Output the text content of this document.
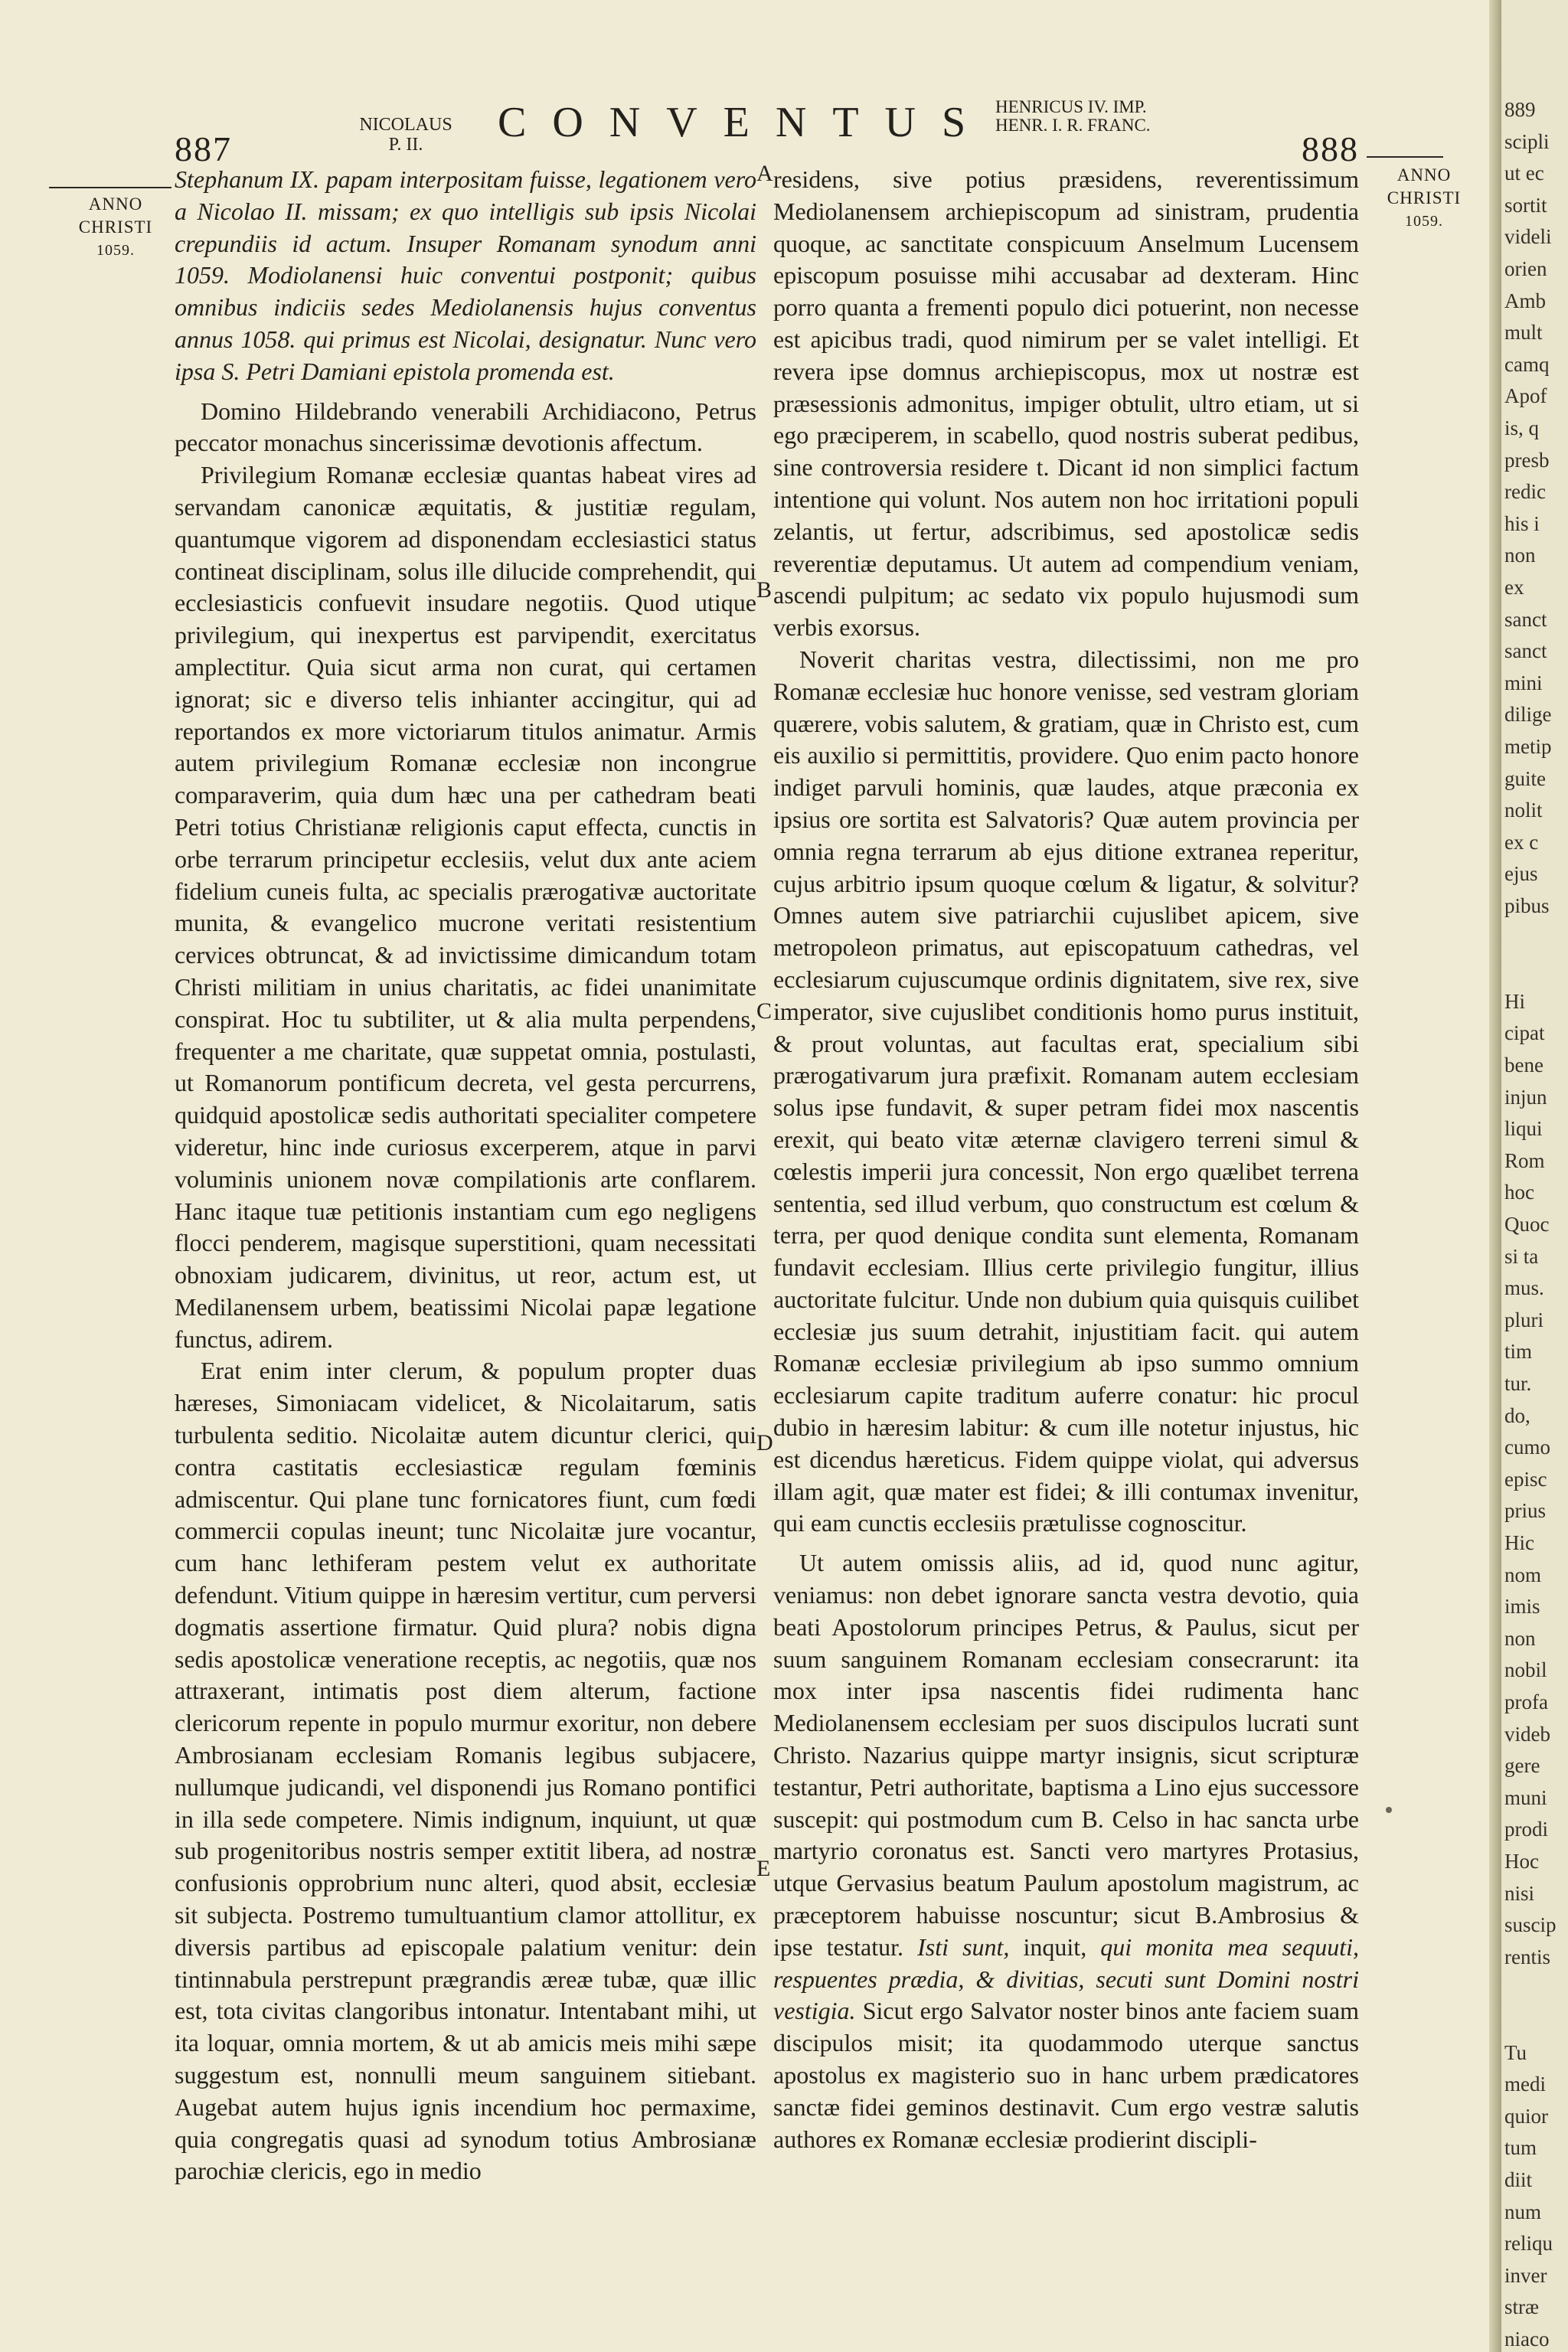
887	888
NICOLAUS
P. II.	CONVENTUS HENRICUS IV. IMP.
HENR. I. R. FRANC.
ANNO
CHRISTI
1059.
ANNO
CHRISTI
1059.

Stephanum IX. papam interpositam fuisse, legationem vero a Nicolao II. missam; ex quo intelligis sub ipsis Nicolai crepundiis id actum. Insuper Romanam synodum anni 1059. Modiolanensi huic conventui postponit; quibus omnibus indiciis sedes Mediolanensis hujus conventus annus 1058. qui primus est Nicolai, designatur. Nunc vero ipsa S. Petri Damiani epistola promenda est.

Domino Hildebrando venerabili Archidiacono, Petrus peccator monachus sincerissimæ devotionis affectum.

Privilegium Romanæ ecclesiæ quantas habeat vires ad servandam canonicæ æquitatis, & justitiæ regulam, quantumque vigorem ad disponendam ecclesiastici status contineat disciplinam, solus ille dilucide comprehendit, qui ecclesiasticis confuevit insudare negotiis. Quod utique privilegium, qui inexpertus est parvipendit, exercitatus amplectitur. Quia sicut arma non curat, qui certamen ignorat; sic e diverso telis inhianter accingitur, qui ad reportandos ex more victoriarum titulos animatur. Armis autem privilegium Romanæ ecclesiæ non incongrue comparaverim, quia dum hæc una per cathedram beati Petri totius Christianæ religionis caput effecta, cunctis in orbe terrarum principetur ecclesiis, velut dux ante aciem fidelium cuneis fulta, ac specialis prærogativæ auctoritate munita, & evangelico mucrone veritati resistentium cervices obtruncat, & ad invictissime dimicandum totam Christi militiam in unius charitatis, ac fidei unanimitate conspirat. Hoc tu subtiliter, ut & alia multa perpendens, frequenter a me charitate, quæ suppetat omnia, postulasti, ut Romanorum pontificum decreta, vel gesta percurrens, quidquid apostolicæ sedis authoritati specialiter competere videretur, hinc inde curiosus excerperem, atque in parvi voluminis unionem novæ compilationis arte conflarem. Hanc itaque tuæ petitionis instantiam cum ego negligens flocci penderem, magisque superstitioni, quam necessitati obnoxiam judicarem, divinitus, ut reor, actum est, ut Medilanensem urbem, beatissimi Nicolai papæ legatione functus, adirem.

Erat enim inter clerum, & populum propter duas hæreses, Simoniacam videlicet, & Nicolaitarum, satis turbulenta seditio. Nicolaitæ autem dicuntur clerici, qui contra castitatis ecclesiasticæ regulam fœminis admiscentur. Qui plane tunc fornicatores fiunt, cum fœdi commercii copulas ineunt; tunc Nicolaitæ jure vocantur, cum hanc lethiferam pestem velut ex authoritate defendunt. Vitium quippe in hæresim vertitur, cum perversi dogmatis assertione firmatur. Quid plura? nobis digna sedis apostolicæ veneratione receptis, ac negotiis, quæ nos attraxerant, intimatis post diem alterum, factione clericorum repente in populo murmur exoritur, non debere Ambrosianam ecclesiam Romanis legibus subjacere, nullumque judicandi, vel disponendi jus Romano pontifici in illa sede competere. Nimis indignum, inquiunt, ut quæ sub progenitoribus nostris semper extitit libera, ad nostræ confusionis opprobrium nunc alteri, quod absit, ecclesiæ sit subjecta. Postremo tumultuantium clamor attollitur, ex diversis partibus ad episcopale palatium venitur: dein tintinnabula perstrepunt prægrandis æreæ tubæ, quæ illic est, tota civitas clangoribus intonatur. Intentabant mihi, ut ita loquar, omnia mortem, & ut ab amicis meis mihi sæpe suggestum est, nonnulli meum sanguinem sitiebant. Augebat autem hujus ignis incendium hoc permaxime, quia congregatis quasi ad synodum totius Ambrosianæ parochiæ clericis, ego in medio

residens, sive potius præsidens, reverentissimum Mediolanensem archiepiscopum ad sinistram, prudentia quoque, ac sanctitate conspicuum Anselmum Lucensem episcopum posuisse mihi accusabar ad dexteram. Hinc porro quanta a frementi populo dici potuerint, non necesse est apicibus tradi, quod nimirum per se valet intelligi. Et revera ipse domnus archiepiscopus, mox ut nostræ est præsessionis admonitus, impiger obtulit, ultro etiam, ut si ego præciperem, in scabello, quod nostris suberat pedibus, sine controversia residere t. Dicant id non simplici factum intentione qui volunt. Nos autem non hoc irritationi populi zelantis, ut fertur, adscribimus, sed apostolicæ sedis reverentiæ deputamus. Ut autem ad compendium veniam, ascendi pulpitum; ac sedato vix populo hujusmodi sum verbis exorsus.

Noverit charitas vestra, dilectissimi, non me pro Romanæ ecclesiæ huc honore venisse, sed vestram gloriam quærere, vobis salutem, & gratiam, quæ in Christo est, cum eis auxilio si permittitis, providere. Quo enim pacto honore indiget parvuli hominis, quæ laudes, atque præconia ex ipsius ore sortita est Salvatoris? Quæ autem provincia per omnia regna terrarum ab ejus ditione extranea reperitur, cujus arbitrio ipsum quoque cœlum & ligatur, & solvitur? Omnes autem sive patriarchii cujuslibet apicem, sive metropoleon primatus, aut episcopatuum cathedras, vel ecclesiarum cujuscumque ordinis dignitatem, sive rex, sive imperator, sive cujuslibet conditionis homo purus instituit, & prout voluntas, aut facultas erat, specialium sibi prærogativarum jura præfixit. Romanam autem ecclesiam solus ipse fundavit, & super petram fidei mox nascentis erexit, qui beato vitæ æternæ clavigero terreni simul & cœlestis imperii jura concessit, Non ergo quælibet terrena sententia, sed illud verbum, quo constructum est cœlum & terra, per quod denique condita sunt elementa, Romanam fundavit ecclesiam. Illius certe privilegio fungitur, illius auctoritate fulcitur. Unde non dubium quia quisquis cuilibet ecclesiæ jus suum detrahit, injustitiam facit. qui autem Romanæ ecclesiæ privilegium ab ipso summo omnium ecclesiarum capite traditum auferre conatur: hic procul dubio in hæresim labitur: & cum ille notetur injustus, hic est dicendus hæreticus. Fidem quippe violat, qui adversus illam agit, quæ mater est fidei; & illi contumax invenitur, qui eam cunctis ecclesiis prætulisse cognoscitur.

Ut autem omissis aliis, ad id, quod nunc agitur, veniamus: non debet ignorare sancta vestra devotio, quia beati Apostolorum principes Petrus, & Paulus, sicut per suum sanguinem Romanam ecclesiam consecrarunt: ita mox inter ipsa nascentis fidei rudimenta hanc Mediolanensem ecclesiam per suos discipulos lucrati sunt Christo. Nazarius quippe martyr insignis, sicut scripturæ testantur, Petri authoritate, baptisma a Lino ejus successore suscepit: qui postmodum cum B. Celso in hac sancta urbe martyrio coronatus est. Sancti vero martyres Protasius, utque Gervasius beatum Paulum apostolum magistrum, ac præceptorem habuisse noscuntur; sicut B.Ambrosius & ipse testatur. Isti sunt, inquit, qui monita mea sequuti, respuentes prædia, & divitias, secuti sunt Domini nostri vestigia. Sicut ergo Salvator noster binos ante faciem suam discipulos misit; ita quodammodo uterque sanctus apostolus ex magisterio suo in hanc urbem prædicatores sanctæ fidei geminos destinavit. Cum ergo vestræ salutis authores ex Romanæ ecclesiæ prodierint discipli-

A
B
C
D
E
889
scipli
ut ec
sortit
videli
orien
Amb
mult
camq
Apof
is, q
presb
redic
his i
non
ex
sanct
sanct
mini
dilige
metip
guite
nolit
ex c
ejus
pibus
Hi
cipat
bene
injun
liqui
Rom
hoc
Quoc
si ta
mus.
pluri
tim
tur.
do,
cumo
episc
prius
Hic
nom
imis
non
nobil
profa
videb
gere
muni
prodi
Hoc
nisi
suscip
rentis
Tu
medi
quior
tum
diit
num
reliqu
inver
stræ
niaco
